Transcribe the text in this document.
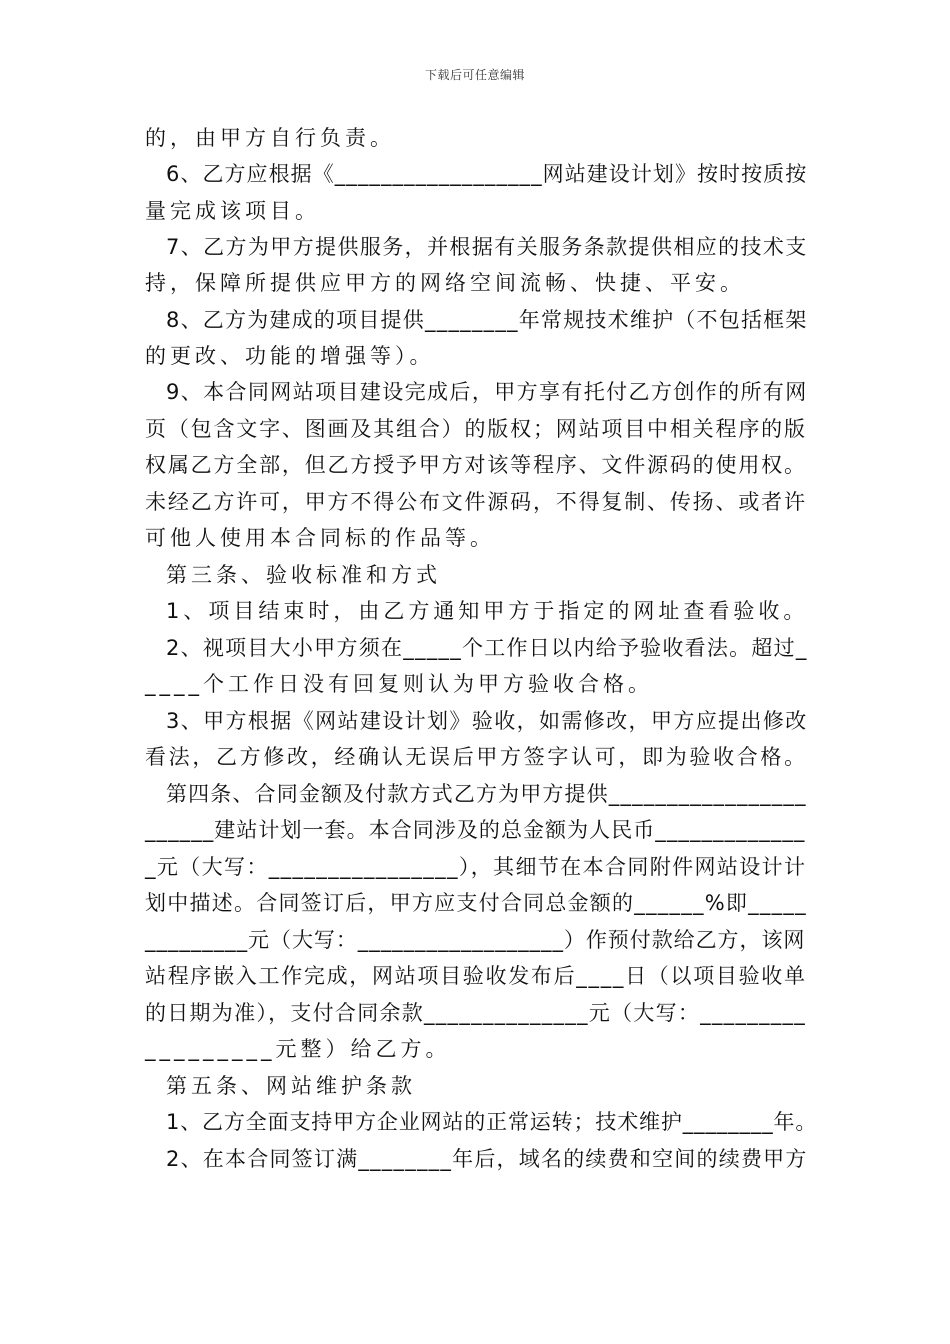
下载后可任意编辑
的，由甲方自行负责。
6、乙方应根据《__________________网站建设计划》按时按质按
量完成该项目。
7、乙方为甲方提供服务，并根据有关服务条款提供相应的技术支
持，保障所提供应甲方的网络空间流畅、快捷、平安。
8、乙方为建成的项目提供________年常规技术维护（不包括框架
的更改、功能的增强等）。
9、本合同网站项目建设完成后，甲方享有托付乙方创作的所有网
页（包含文字、图画及其组合）的版权；网站项目中相关程序的版
权属乙方全部，但乙方授予甲方对该等程序、文件源码的使用权。
未经乙方许可，甲方不得公布文件源码，不得复制、传扬、或者许
可他人使用本合同标的作品等。
第三条、验收标准和方式
1、项目结束时，由乙方通知甲方于指定的网址查看验收。
2、视项目大小甲方须在_____个工作日以内给予验收看法。超过_
____个工作日没有回复则认为甲方验收合格。
3、甲方根据《网站建设计划》验收，如需修改，甲方应提出修改
看法，乙方修改，经确认无误后甲方签字认可，即为验收合格。
第四条、合同金额及付款方式乙方为甲方提供_________________
______建站计划一套。本合同涉及的总金额为人民币_____________
_元（大写：________________），其细节在本合同附件网站设计计
划中描述。合同签订后，甲方应支付合同总金额的______%即_____
_________元（大写：__________________）作预付款给乙方，该网
站程序嵌入工作完成，网站项目验收发布后____日（以项目验收单
的日期为准），支付合同余款______________元（大写：_________
_________元整）给乙方。
第五条、网站维护条款
1、乙方全面支持甲方企业网站的正常运转；技术维护________年。
2、在本合同签订满________年后，域名的续费和空间的续费甲方
